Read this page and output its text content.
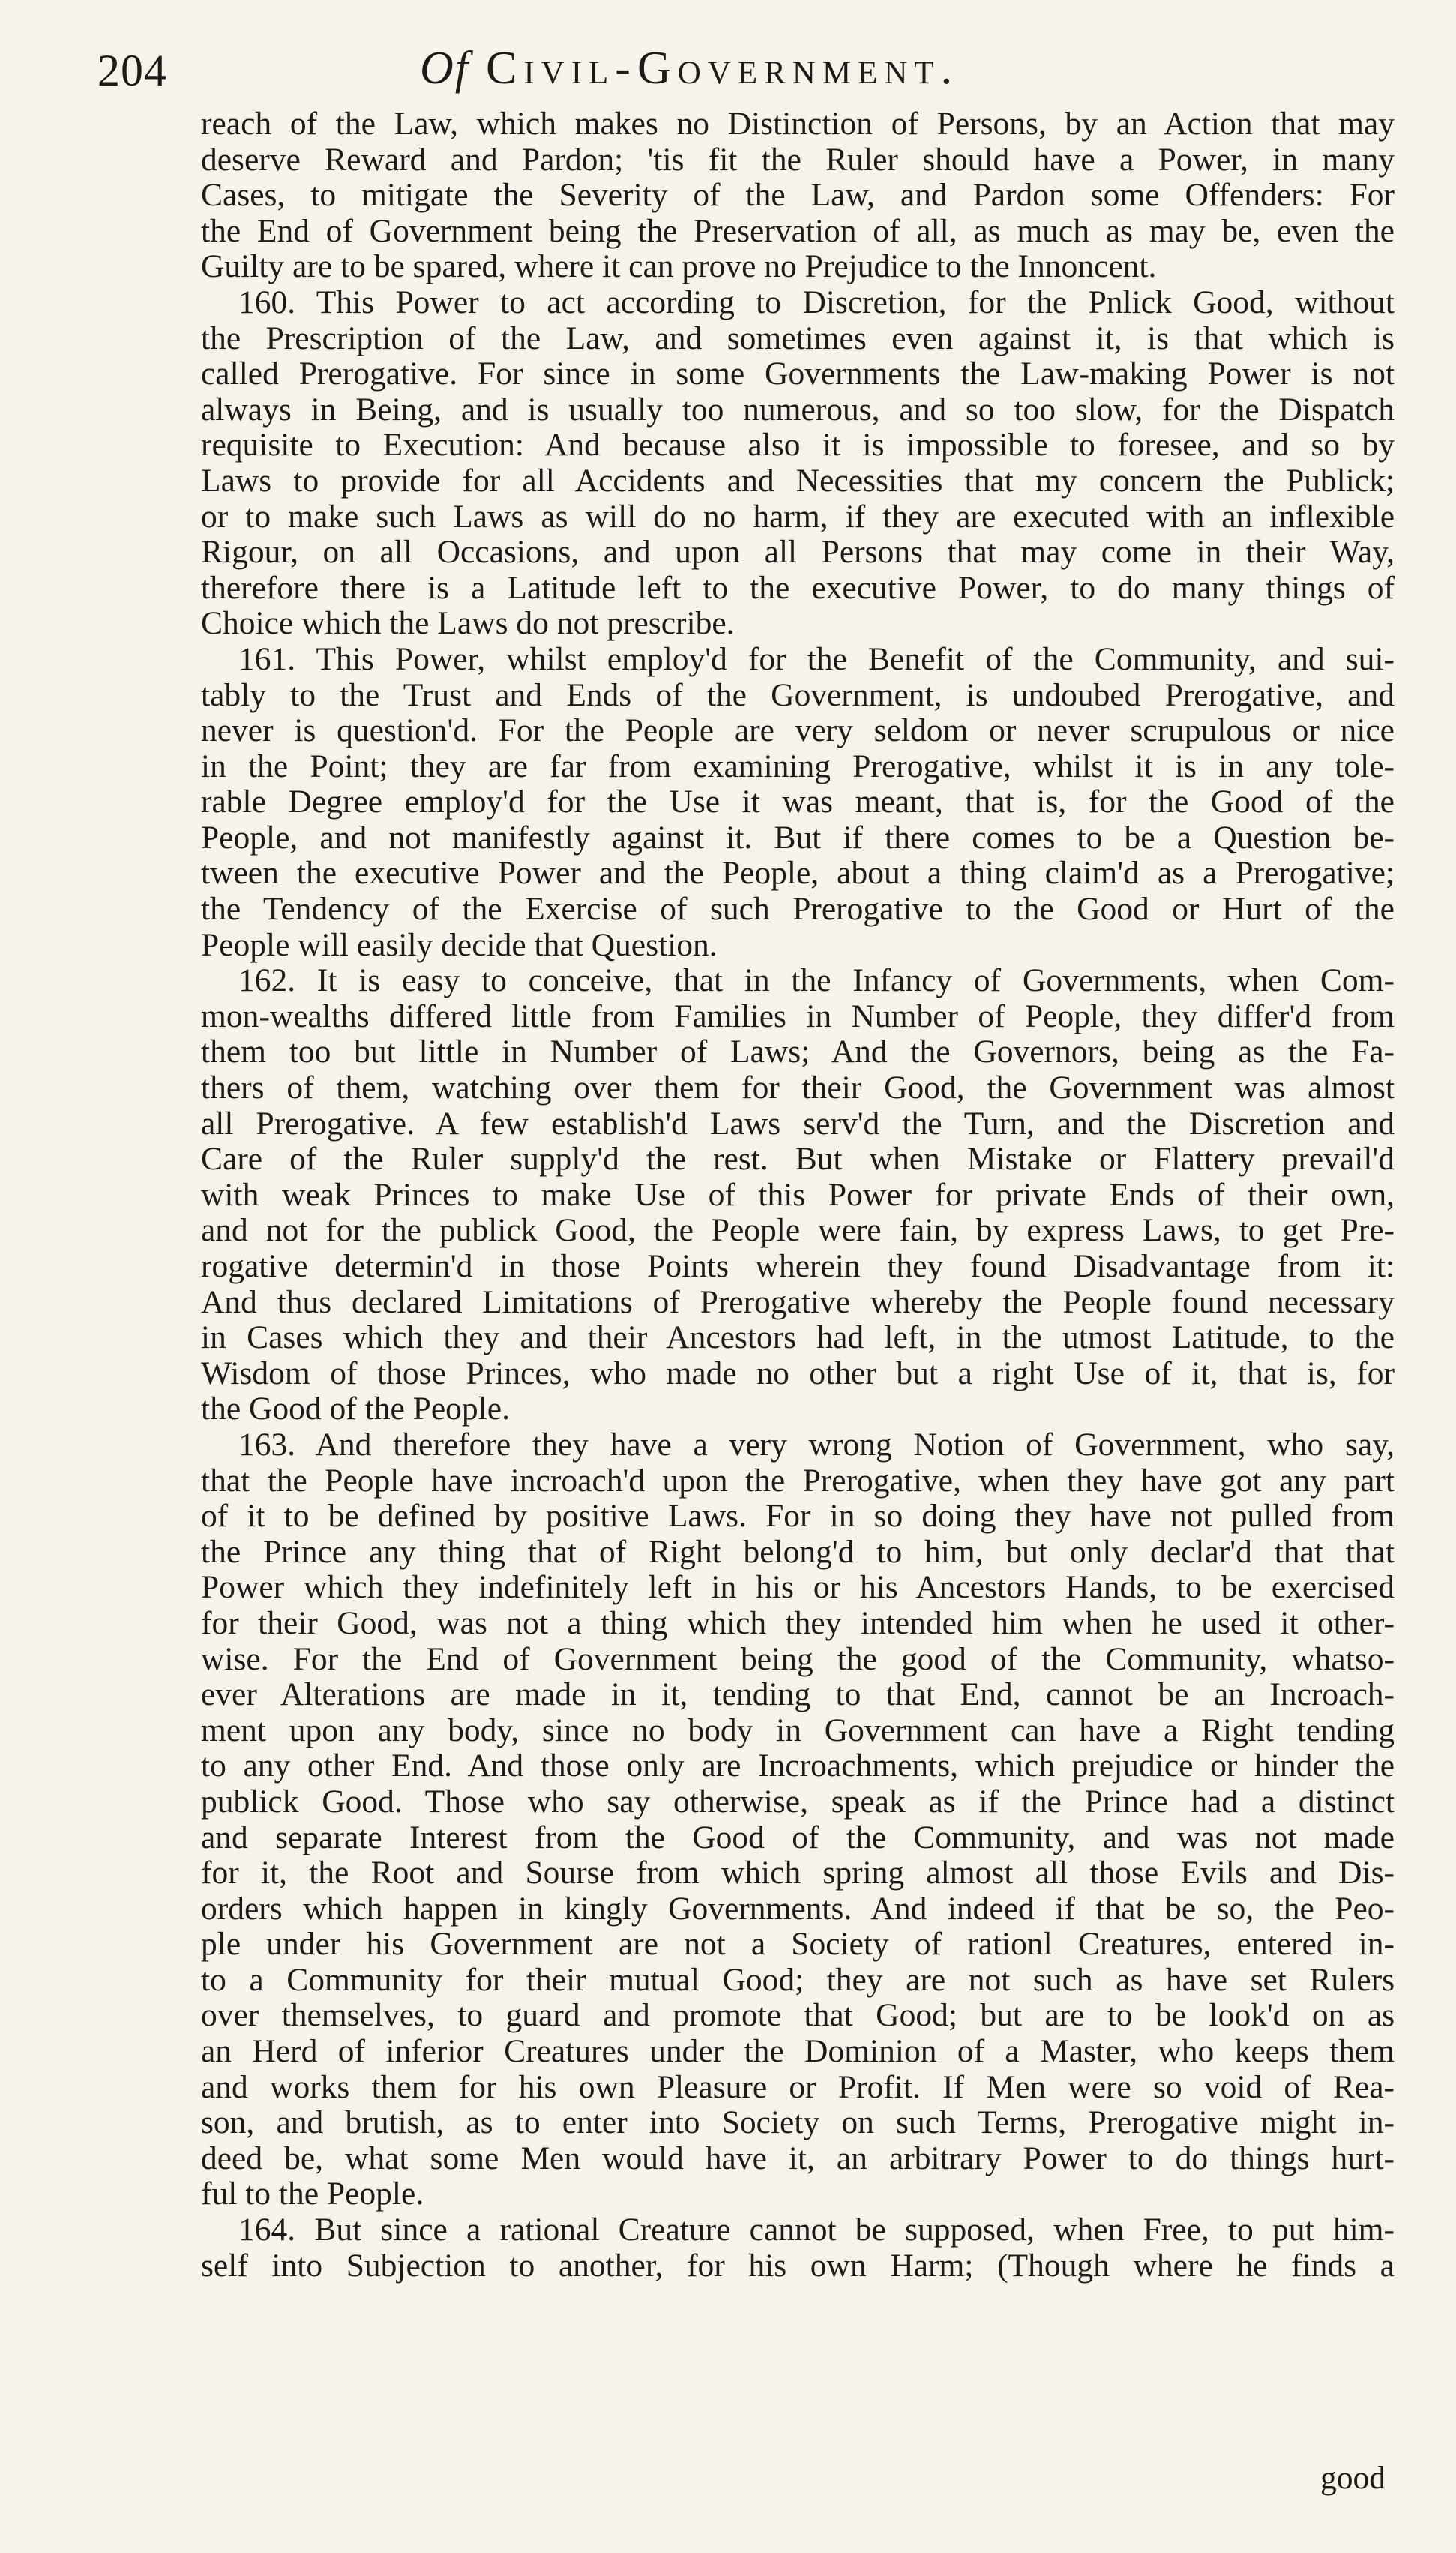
204	Of Civil-Government.
reach of the Law, which makes no Distinction of Persons, by an Action that may
deserve Reward and Pardon; 'tis fit the Ruler should have a Power, in many
Cases, to mitigate the Severity of the Law, and Pardon some Offenders: For
the End of Government being the Preservation of all, as much as may be, even the
Guilty are to be spared, where it can prove no Prejudice to the Innoncent.
160. This Power to act according to Discretion, for the Pnlick Good, without
the Prescription of the Law, and sometimes even against it, is that which is
called Prerogative. For since in some Governments the Law-making Power is not
always in Being, and is usually too numerous, and so too slow, for the Dispatch
requisite to Execution: And because also it is impossible to foresee, and so by
Laws to provide for all Accidents and Necessities that my concern the Publick;
or to make such Laws as will do no harm, if they are executed with an inflexible
Rigour, on all Occasions, and upon all Persons that may come in their Way,
therefore there is a Latitude left to the executive Power, to do many things of
Choice which the Laws do not prescribe.
161. This Power, whilst employ'd for the Benefit of the Community, and sui-
tably to the Trust and Ends of the Government, is undoubed Prerogative, and
never is question'd. For the People are very seldom or never scrupulous or nice
in the Point; they are far from examining Prerogative, whilst it is in any tole-
rable Degree employ'd for the Use it was meant, that is, for the Good of the
People, and not manifestly against it. But if there comes to be a Question be-
tween the executive Power and the People, about a thing claim'd as a Prerogative;
the Tendency of the Exercise of such Prerogative to the Good or Hurt of the
People will easily decide that Question.
162. It is easy to conceive, that in the Infancy of Governments, when Com-
mon-wealths differed little from Families in Number of People, they differ'd from
them too but little in Number of Laws; And the Governors, being as the Fa-
thers of them, watching over them for their Good, the Government was almost
all Prerogative. A few establish'd Laws serv'd the Turn, and the Discretion and
Care of the Ruler supply'd the rest. But when Mistake or Flattery prevail'd
with weak Princes to make Use of this Power for private Ends of their own,
and not for the publick Good, the People were fain, by express Laws, to get Pre-
rogative determin'd in those Points wherein they found Disadvantage from it:
And thus declared Limitations of Prerogative whereby the People found necessary
in Cases which they and their Ancestors had left, in the utmost Latitude, to the
Wisdom of those Princes, who made no other but a right Use of it, that is, for
the Good of the People.
163. And therefore they have a very wrong Notion of Government, who say,
that the People have incroach'd upon the Prerogative, when they have got any part
of it to be defined by positive Laws. For in so doing they have not pulled from
the Prince any thing that of Right belong'd to him, but only declar'd that that
Power which they indefinitely left in his or his Ancestors Hands, to be exercised
for their Good, was not a thing which they intended him when he used it other-
wise. For the End of Government being the good of the Community, whatso-
ever Alterations are made in it, tending to that End, cannot be an Incroach-
ment upon any body, since no body in Government can have a Right tending
to any other End. And those only are Incroachments, which prejudice or hinder the
publick Good. Those who say otherwise, speak as if the Prince had a distinct
and separate Interest from the Good of the Community, and was not made
for it, the Root and Sourse from which spring almost all those Evils and Dis-
orders which happen in kingly Governments. And indeed if that be so, the Peo-
ple under his Government are not a Society of rationl Creatures, entered in-
to a Community for their mutual Good; they are not such as have set Rulers
over themselves, to guard and promote that Good; but are to be look'd on as
an Herd of inferior Creatures under the Dominion of a Master, who keeps them
and works them for his own Pleasure or Profit. If Men were so void of Rea-
son, and brutish, as to enter into Society on such Terms, Prerogative might in-
deed be, what some Men would have it, an arbitrary Power to do things hurt-
ful to the People.
164. But since a rational Creature cannot be supposed, when Free, to put him-
self into Subjection to another, for his own Harm; (Though where he finds a
good
